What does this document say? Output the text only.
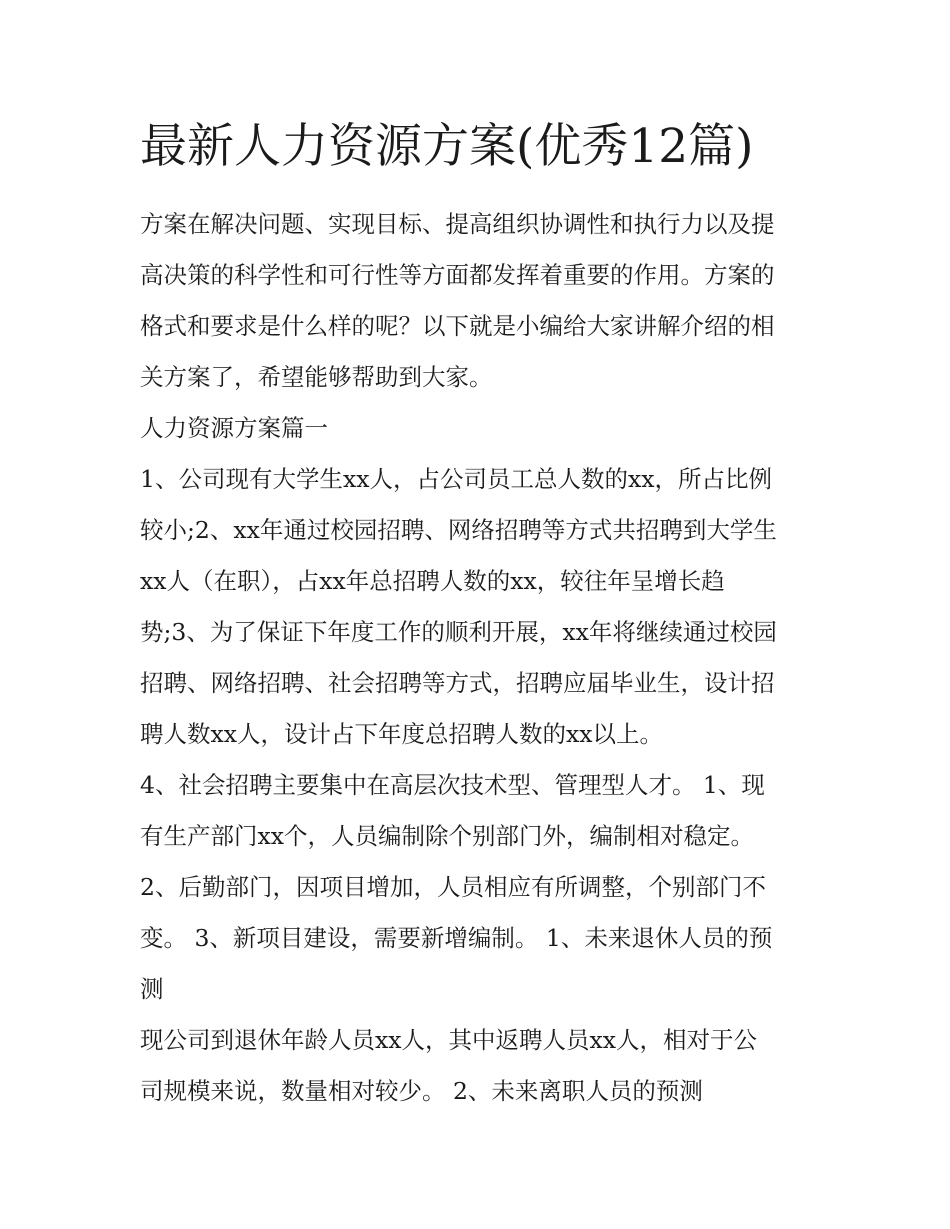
最新人力资源方案(优秀12篇)

方案在解决问题、实现目标、提高组织协调性和执行力以及提

高决策的科学性和可行性等方面都发挥着重要的作用。方案的

格式和要求是什么样的呢？以下就是小编给大家讲解介绍的相

关方案了，希望能够帮助到大家。

人力资源方案篇一

1、公司现有大学生xx人，占公司员工总人数的xx，所占比例

较小;2、xx年通过校园招聘、网络招聘等方式共招聘到大学生

xx人（在职），占xx年总招聘人数的xx，较往年呈增长趋

势;3、为了保证下年度工作的顺利开展，xx年将继续通过校园

招聘、网络招聘、社会招聘等方式，招聘应届毕业生，设计招

聘人数xx人，设计占下年度总招聘人数的xx以上。

4、社会招聘主要集中在高层次技术型、管理型人才。 1、现

有生产部门xx个，人员编制除个别部门外，编制相对稳定。

2、后勤部门，因项目增加，人员相应有所调整，个别部门不

变。 3、新项目建设，需要新增编制。 1、未来退休人员的预

测

现公司到退休年龄人员xx人，其中返聘人员xx人，相对于公

司规模来说，数量相对较少。 2、未来离职人员的预测
